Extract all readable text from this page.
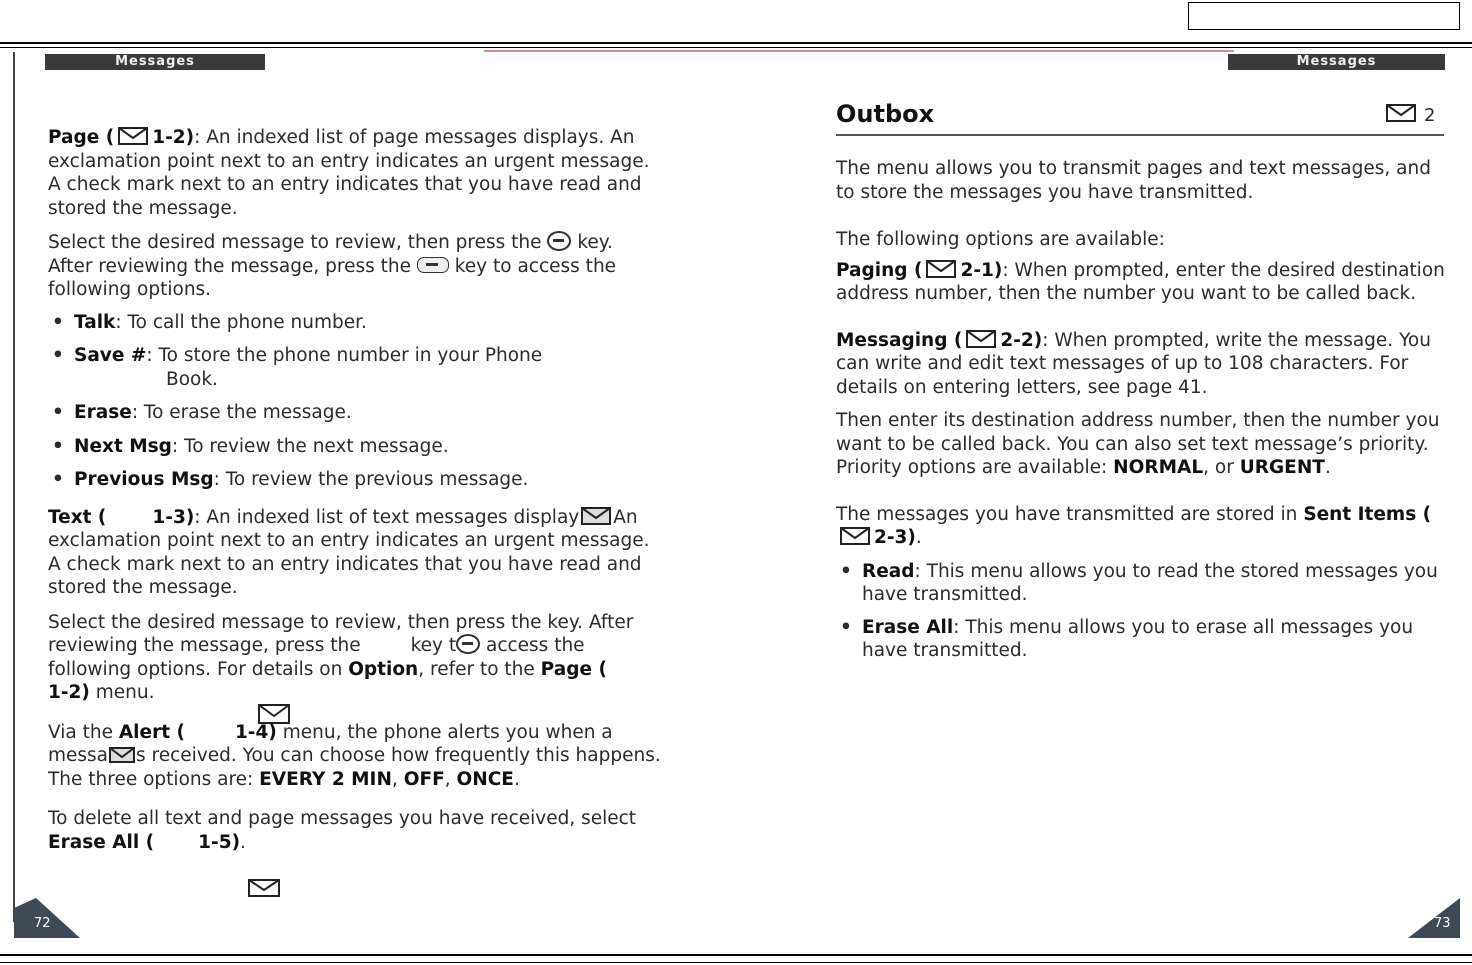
Messages	Messages

Page ( 1-2): An indexed list of page messages displays. An exclamation point next to an entry indicates an urgent message. A check mark next to an entry indicates that you have read and stored the message.

Select the desired message to review, then press the key. After reviewing the message, press the key to access the following options.

• Talk: To call the phone number.
• Save #: To store the phone number in your Phone
Book.
• Erase: To erase the message.
• Next Msg: To review the next message.
• Previous Msg: To review the previous message.

Text ( 1-3): An indexed list of text messages display An exclamation point next to an entry indicates an urgent message. A check mark next to an entry indicates that you have read and stored the message.

Select the desired message to review, then press the key. After reviewing the message, press the	key t access the following options. For details on Option, refer to the Page (1-2) menu.

Via the Alert (	1-4) menu, the phone alerts you when a messa s received. You can choose how frequently this happens. The three options are: EVERY 2 MIN, OFF, ONCE.

To delete all text and page messages you have received, select Erase All ( 1-5).

72
Outbox	2

The menu allows you to transmit pages and text messages, and to store the messages you have transmitted.

The following options are available:

Paging ( 2-1): When prompted, enter the desired destination address number, then the number you want to be called back.

Messaging ( 2-2): When prompted, write the message. You can write and edit text messages of up to 108 characters. For details on entering letters, see page 41.

Then enter its destination address number, then the number you want to be called back. You can also set text message’s priority. Priority options are available: NORMAL, or URGENT.

The messages you have transmitted are stored in Sent Items (
2-3).

• Read: This menu allows you to read the stored messages you have transmitted.
• Erase All: This menu allows you to erase all messages you have transmitted.
73
